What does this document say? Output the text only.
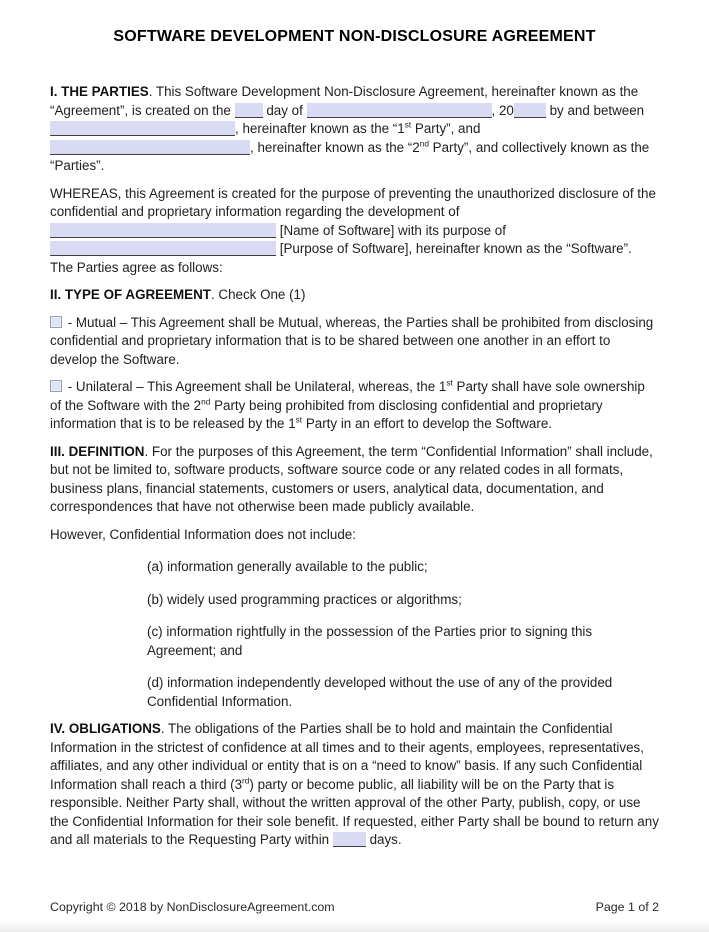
SOFTWARE DEVELOPMENT NON-DISCLOSURE AGREEMENT

I. THE PARTIES. This Software Development Non-Disclosure Agreement, hereinafter known as the “Agreement”, is created on the  day of	, 20 by and between , hereinafter known as the “1st Party”, and , hereinafter known as the “2nd Party”, and collectively known as the “Parties”.

WHEREAS, this Agreement is created for the purpose of preventing the unauthorized disclosure of the confidential and proprietary information regarding the development of
[Name of Software] with its purpose of
[Purpose of Software], hereinafter known as the “Software”.
The Parties agree as follows:

II. TYPE OF AGREEMENT. Check One (1)

- Mutual – This Agreement shall be Mutual, whereas, the Parties shall be prohibited from disclosing confidential and proprietary information that is to be shared between one another in an effort to develop the Software.

- Unilateral – This Agreement shall be Unilateral, whereas, the 1st Party shall have sole ownership of the Software with the 2nd Party being prohibited from disclosing confidential and proprietary information that is to be released by the 1st Party in an effort to develop the Software.

III. DEFINITION. For the purposes of this Agreement, the term “Confidential Information” shall include, but not be limited to, software products, software source code or any related codes in all formats, business plans, financial statements, customers or users, analytical data, documentation, and correspondences that have not otherwise been made publicly available.

However, Confidential Information does not include:

(a) information generally available to the public;

(b) widely used programming practices or algorithms;

(c) information rightfully in the possession of the Parties prior to signing this Agreement; and

(d) information independently developed without the use of any of the provided Confidential Information.

IV. OBLIGATIONS. The obligations of the Parties shall be to hold and maintain the Confidential Information in the strictest of confidence at all times and to their agents, employees, representatives, affiliates, and any other individual or entity that is on a “need to know” basis. If any such Confidential Information shall reach a third (3rd) party or become public, all liability will be on the Party that is responsible. Neither Party shall, without the written approval of the other Party, publish, copy, or use the Confidential Information for their sole benefit. If requested, either Party shall be bound to return any and all materials to the Requesting Party within  days.

Copyright © 2018 by NonDisclosureAgreement.com	Page 1 of 2
